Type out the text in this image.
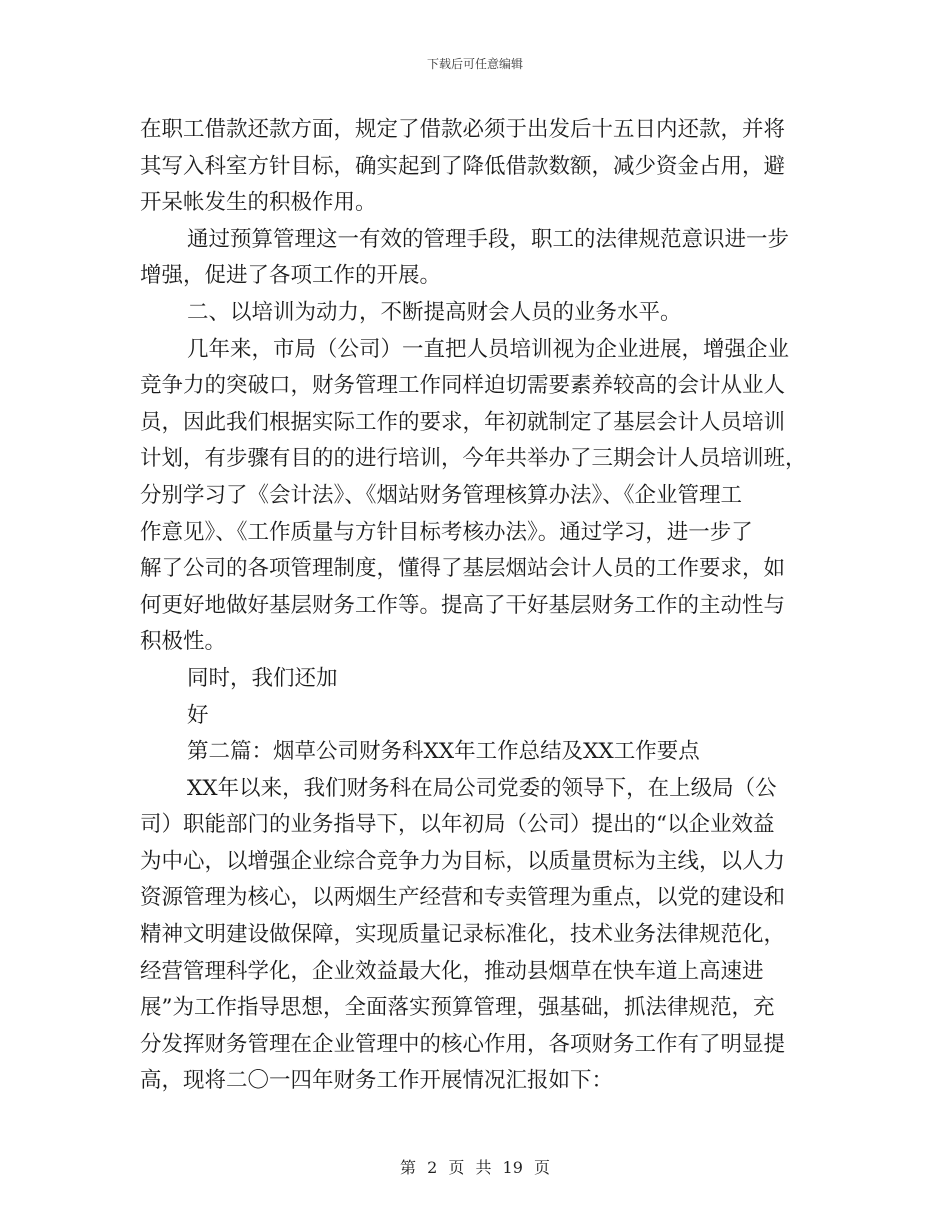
下载后可任意编辑
在职工借款还款方面，规定了借款必须于出发后十五日内还款，并将
其写入科室方针目标，确实起到了降低借款数额，减少资金占用，避
开呆帐发生的积极作用。
通过预算管理这一有效的管理手段，职工的法律规范意识进一步
增强，促进了各项工作的开展。
二、以培训为动力，不断提高财会人员的业务水平。
几年来，市局（公司）一直把人员培训视为企业进展，增强企业
竞争力的突破口，财务管理工作同样迫切需要素养较高的会计从业人
员，因此我们根据实际工作的要求，年初就制定了基层会计人员培训
计划，有步骤有目的的进行培训，今年共举办了三期会计人员培训班，
分别学习了《会计法》、《烟站财务管理核算办法》、《企业管理工
作意见》、《工作质量与方针目标考核办法》。通过学习，进一步了
解了公司的各项管理制度，懂得了基层烟站会计人员的工作要求，如
何更好地做好基层财务工作等。提高了干好基层财务工作的主动性与
积极性。
同时，我们还加
好
第二篇：烟草公司财务科XX年工作总结及XX工作要点
XX年以来，我们财务科在局公司党委的领导下，在上级局（公
司）职能部门的业务指导下，以年初局（公司）提出的“以企业效益
为中心，以增强企业综合竞争力为目标，以质量贯标为主线，以人力
资源管理为核心，以两烟生产经营和专卖管理为重点，以党的建设和
精神文明建设做保障，实现质量记录标准化，技术业务法律规范化，
经营管理科学化，企业效益最大化，推动县烟草在快车道上高速进
展”为工作指导思想，全面落实预算管理，强基础，抓法律规范，充
分发挥财务管理在企业管理中的核心作用，各项财务工作有了明显提
高，现将二〇一四年财务工作开展情况汇报如下：
第 2 页 共 19 页
